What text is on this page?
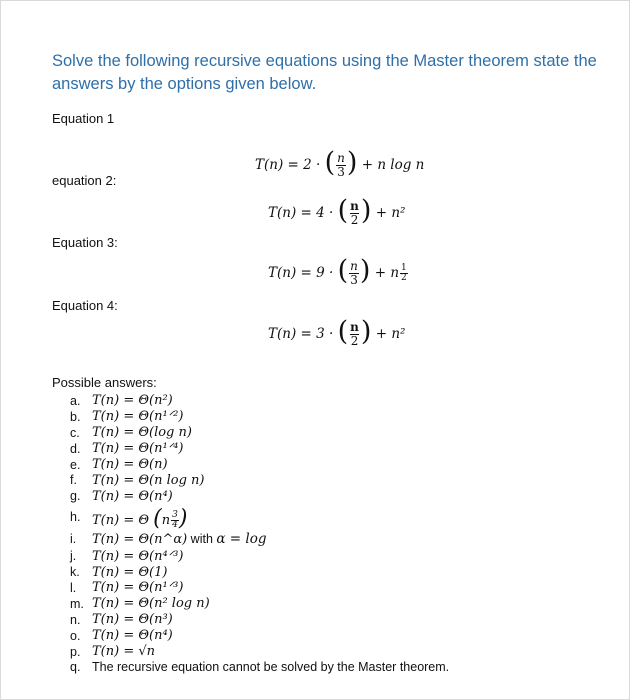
Solve the following recursive equations using the Master theorem state the answers by the options given below.
Equation 1
T(n) = 2 · ( $\frac{n}{3}$ ) + n log n
equation 2:
T(n) = 4 · ( $\frac{n}{2}$ ) + n²
Equation 3:
T(n) = 9 · ( $\frac{n}{3}$ ) + n $\frac{1}{2}$
Equation 4:
T(n) = 3 · ( $\frac{n}{2}$ ) + n²
Possible answers:
a. T(n) = Θ(n²)
b. T(n) = Θ(n¹ᐟ²)
c. T(n) = Θ(log n)
d. T(n) = Θ(n¹ᐟ⁴)
e. T(n) = Θ(n)
f.	T(n) = Θ(n log n)
g. T(n) = Θ(n⁴)
h. T(n) = Θ ($n \frac{3}{4}$ )
i.	T(n) = Θ(n^α) with α = log
j.	T(n) = Θ(n⁴ᐟ³)
k. T(n) = Θ(1)
l.	T(n) = Θ(n¹ᐟ³)
m. T(n) = Θ(n² log n)
n. T(n) = Θ(n³)
o. T(n) = Θ(n⁴)
p. T(n) = √n
q. The recursive equation cannot be solved by the Master theorem.
